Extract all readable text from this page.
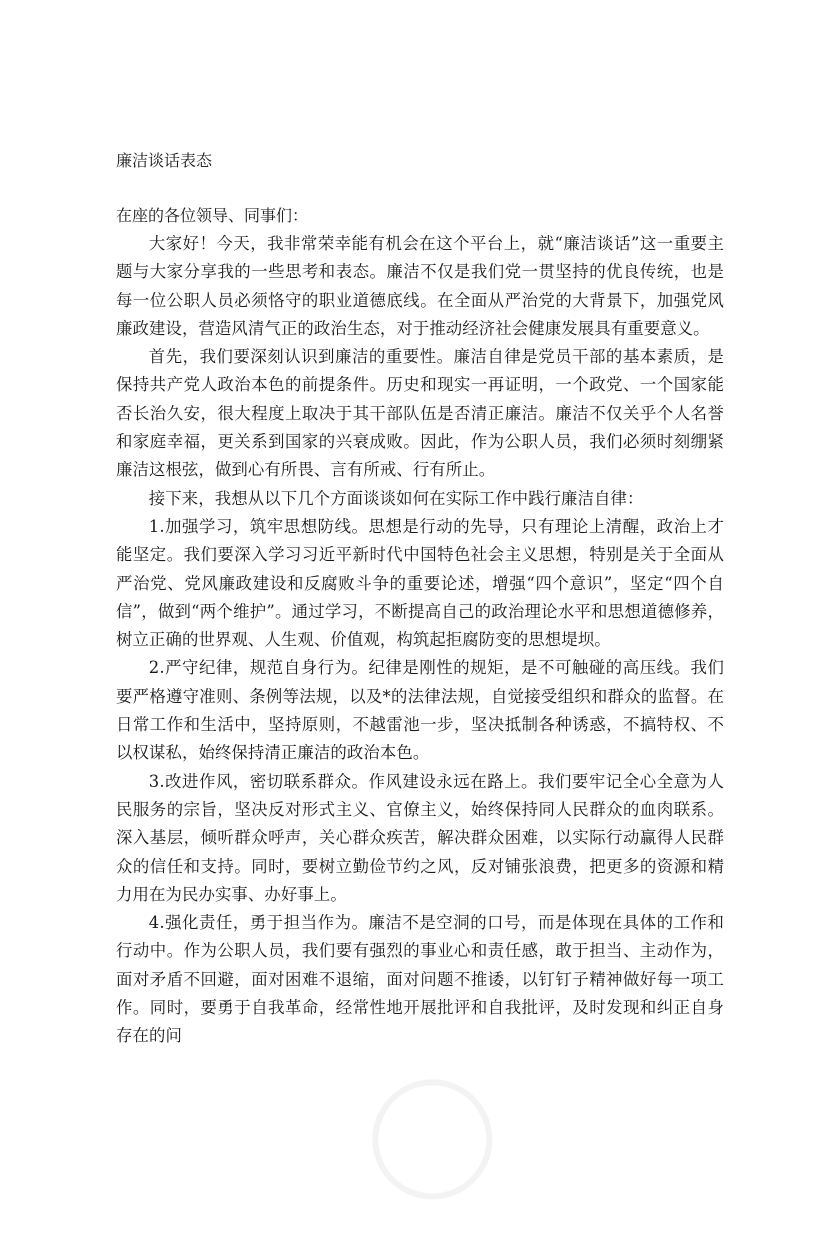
廉洁谈话表态

在座的各位领导、同事们：

大家好！今天，我非常荣幸能有机会在这个平台上，就“廉洁谈话”这一重要主题与大家分享我的一些思考和表态。廉洁不仅是我们党一贯坚持的优良传统，也是每一位公职人员必须恪守的职业道德底线。在全面从严治党的大背景下，加强党风廉政建设，营造风清气正的政治生态，对于推动经济社会健康发展具有重要意义。

首先，我们要深刻认识到廉洁的重要性。廉洁自律是党员干部的基本素质，是保持共产党人政治本色的前提条件。历史和现实一再证明，一个政党、一个国家能否长治久安，很大程度上取决于其干部队伍是否清正廉洁。廉洁不仅关乎个人名誉和家庭幸福，更关系到国家的兴衰成败。因此，作为公职人员，我们必须时刻绷紧廉洁这根弦，做到心有所畏、言有所戒、行有所止。

接下来，我想从以下几个方面谈谈如何在实际工作中践行廉洁自律：

1.加强学习，筑牢思想防线。思想是行动的先导，只有理论上清醒，政治上才能坚定。我们要深入学习习近平新时代中国特色社会主义思想，特别是关于全面从严治党、党风廉政建设和反腐败斗争的重要论述，增强“四个意识”，坚定“四个自信”，做到“两个维护”。通过学习，不断提高自己的政治理论水平和思想道德修养，树立正确的世界观、人生观、价值观，构筑起拒腐防变的思想堤坝。

2.严守纪律，规范自身行为。纪律是刚性的规矩，是不可触碰的高压线。我们要严格遵守准则、条例等法规，以及*的法律法规，自觉接受组织和群众的监督。在日常工作和生活中，坚持原则，不越雷池一步，坚决抵制各种诱惑，不搞特权、不以权谋私，始终保持清正廉洁的政治本色。

3.改进作风，密切联系群众。作风建设永远在路上。我们要牢记全心全意为人民服务的宗旨，坚决反对形式主义、官僚主义，始终保持同人民群众的血肉联系。深入基层，倾听群众呼声，关心群众疾苦，解决群众困难，以实际行动赢得人民群众的信任和支持。同时，要树立勤俭节约之风，反对铺张浪费，把更多的资源和精力用在为民办实事、办好事上。

4.强化责任，勇于担当作为。廉洁不是空洞的口号，而是体现在具体的工作和行动中。作为公职人员，我们要有强烈的事业心和责任感，敢于担当、主动作为，面对矛盾不回避，面对困难不退缩，面对问题不推诿，以钉钉子精神做好每一项工作。同时，要勇于自我革命，经常性地开展批评和自我批评，及时发现和纠正自身存在的问
